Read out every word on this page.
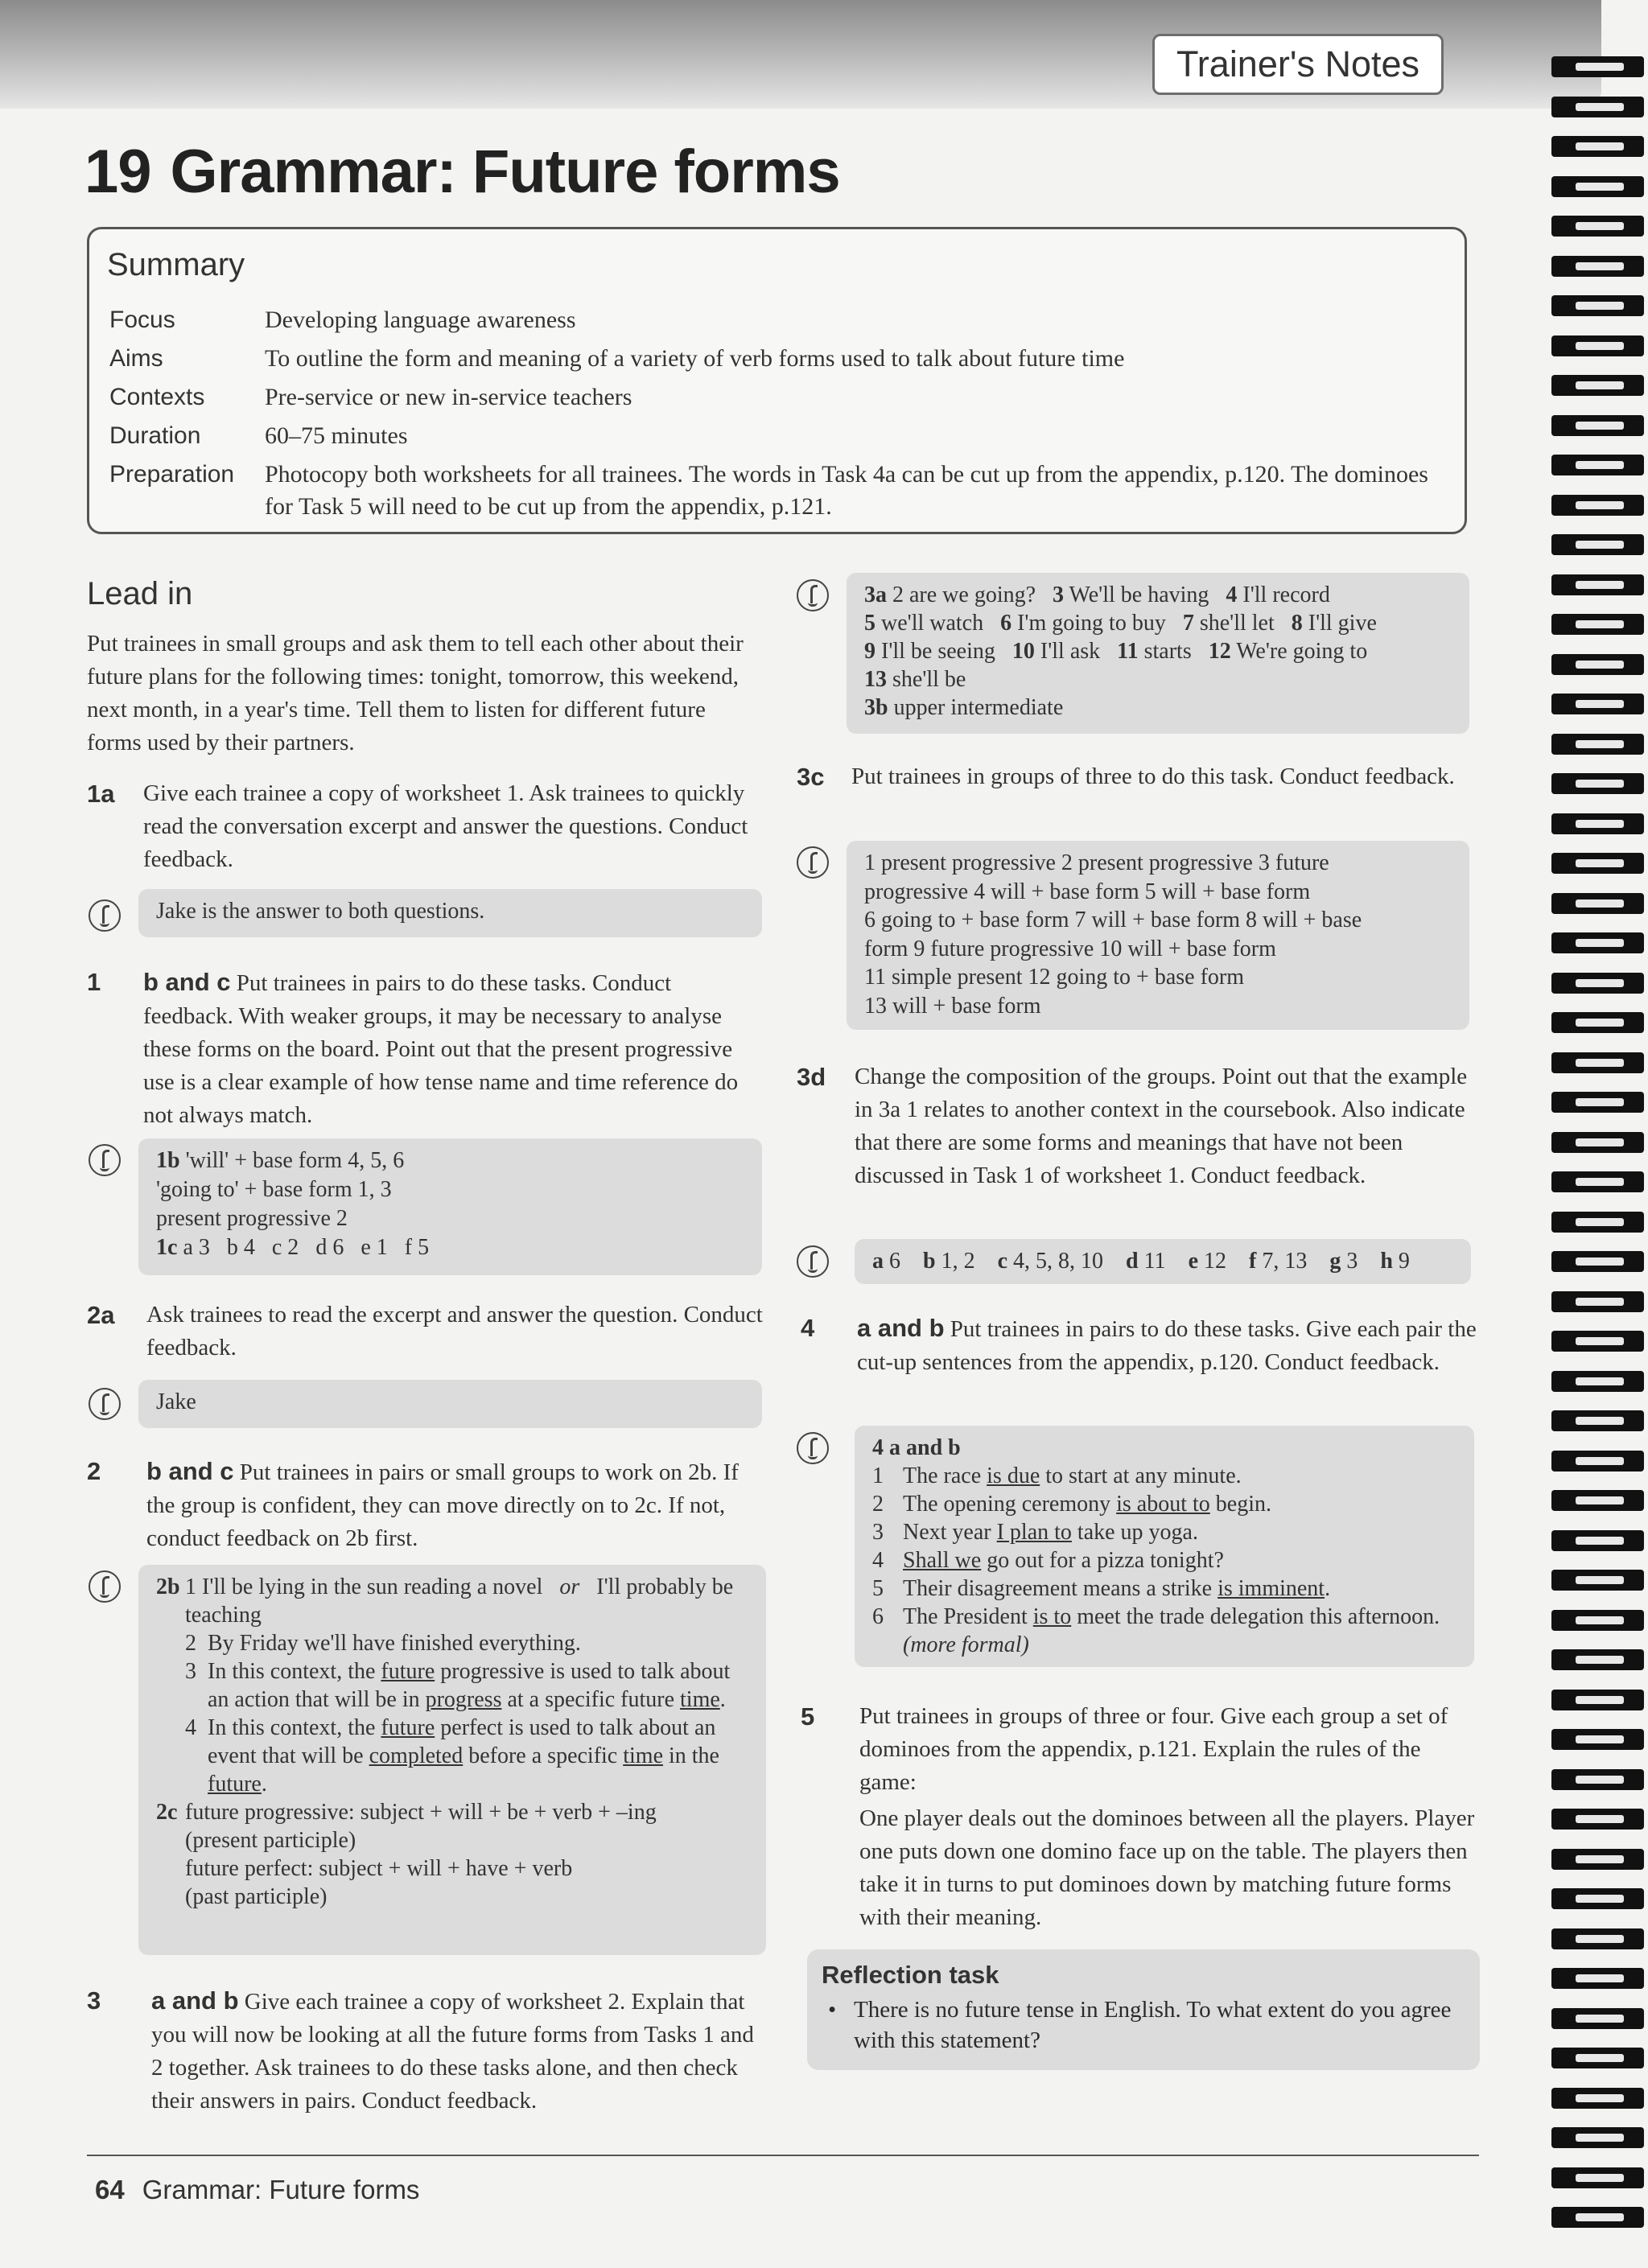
Trainer's Notes
19 Grammar: Future forms
Summary
Focus	Developing language awareness
Aims	To outline the form and meaning of a variety of verb forms used to talk about future time
Contexts	Pre-service or new in-service teachers
Duration	60–75 minutes
Preparation	Photocopy both worksheets for all trainees. The words in Task 4a can be cut up from the appendix, p.120. The dominoes for Task 5 will need to be cut up from the appendix, p.121.
Lead in
Put trainees in small groups and ask them to tell each other about their future plans for the following times: tonight, tomorrow, this weekend, next month, in a year's time. Tell them to listen for different future forms used by their partners.
1a Give each trainee a copy of worksheet 1. Ask trainees to quickly read the conversation excerpt and answer the questions. Conduct feedback.
Jake is the answer to both questions.
1 b and c Put trainees in pairs to do these tasks. Conduct feedback. With weaker groups, it may be necessary to analyse these forms on the board. Point out that the present progressive use is a clear example of how tense name and time reference do not always match.
1b 'will' + base form 4, 5, 6
'going to' + base form 1, 3
present progressive 2
1c a 3 b 4 c 2 d 6 e 1 f 5
2a Ask trainees to read the excerpt and answer the question. Conduct feedback.
Jake
2 b and c Put trainees in pairs or small groups to work on 2b. If the group is confident, they can move directly on to 2c. If not, conduct feedback on 2b first.
2b 1 I'll be lying in the sun reading a novel or I'll probably be teaching
2 By Friday we'll have finished everything.
3 In this context, the future progressive is used to talk about an action that will be in progress at a specific future time.
4 In this context, the future perfect is used to talk about an event that will be completed before a specific time in the future.
2c future progressive: subject + will + be + verb + –ing
(present participle)
future perfect: subject + will + have + verb
(past participle)
3 a and b Give each trainee a copy of worksheet 2. Explain that you will now be looking at all the future forms from Tasks 1 and 2 together. Ask trainees to do these tasks alone, and then check their answers in pairs. Conduct feedback.
3a 2 are we going? 3 We'll be having 4 I'll record
5 we'll watch 6 I'm going to buy 7 she'll let 8 I'll give
9 I'll be seeing 10 I'll ask 11 starts 12 We're going to
13 she'll be
3b upper intermediate
3c Put trainees in groups of three to do this task. Conduct feedback.
1 present progressive 2 present progressive 3 future
progressive 4 will + base form 5 will + base form
6 going to + base form 7 will + base form 8 will + base
form 9 future progressive 10 will + base form
11 simple present 12 going to + base form
13 will + base form
3d Change the composition of the groups. Point out that the example in 3a 1 relates to another context in the coursebook. Also indicate that there are some forms and meanings that have not been discussed in Task 1 of worksheet 1. Conduct feedback.
a 6 b 1, 2 c 4, 5, 8, 10 d 11 e 12 f 7, 13 g 3 h 9
4 a and b Put trainees in pairs to do these tasks. Give each pair the cut-up sentences from the appendix, p.120. Conduct feedback.
4 a and b
1 The race is due to start at any minute.
2 The opening ceremony is about to begin.
3 Next year I plan to take up yoga.
4 Shall we go out for a pizza tonight?
5 Their disagreement means a strike is imminent.
6 The President is to meet the trade delegation this afternoon. (more formal)
5 Put trainees in groups of three or four. Give each group a set of dominoes from the appendix, p.121. Explain the rules of the game:
One player deals out the dominoes between all the players. Player one puts down one domino face up on the table. The players then take it in turns to put dominoes down by matching future forms with their meaning.
Reflection task
• There is no future tense in English. To what extent do you agree with this statement?
64 Grammar: Future forms
